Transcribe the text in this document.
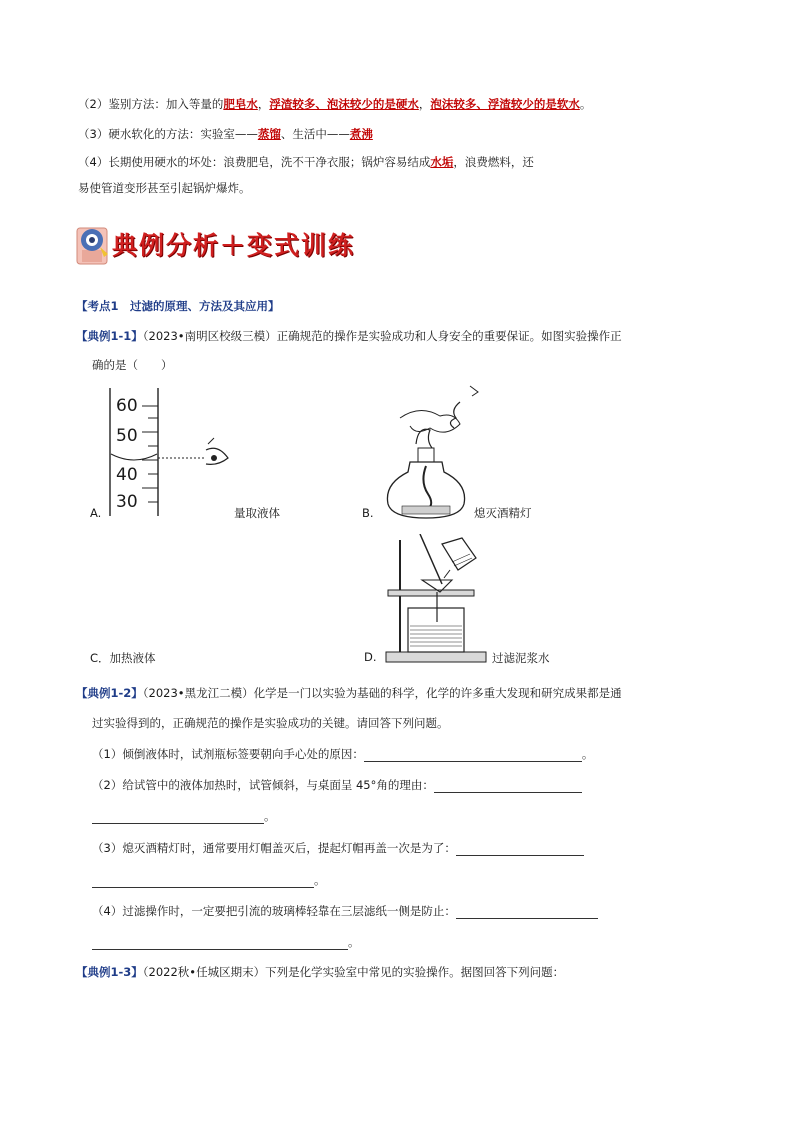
（2）鉴别方法：加入等量的肥皂水，浮渣较多、泡沫较少的是硬水，泡沫较多、浮渣较少的是软水。
（3）硬水软化的方法：实验室——蒸馏、生活中——煮沸
（4）长期使用硬水的坏处：浪费肥皂，洗不干净衣服；锅炉容易结成水垢，浪费燃料，还
易使管道变形甚至引起锅炉爆炸。
典例分析＋变式训练
【考点1　过滤的原理、方法及其应用】
【典例1-1】（2023•南明区校级三模）正确规范的操作是实验成功和人身安全的重要保证。如图实验操作正
确的是（　　）
60
50
40
30
A.	量取液体	B.	熄灭酒精灯
C．加热液体	D.	过滤泥浆水
【典例1-2】（2023•黑龙江二模）化学是一门以实验为基础的科学，化学的许多重大发现和研究成果都是通
过实验得到的，正确规范的操作是实验成功的关键。请回答下列问题。
（1）倾倒液体时，试剂瓶标签要朝向手心处的原因：	。
（2）给试管中的液体加热时，试管倾斜，与桌面呈 45°角的理由：
。
（3）熄灭酒精灯时，通常要用灯帽盖灭后，提起灯帽再盖一次是为了：
。
（4）过滤操作时，一定要把引流的玻璃棒轻靠在三层滤纸一侧是防止：
。
【典例1-3】（2022秋•任城区期末）下列是化学实验室中常见的实验操作。据图回答下列问题：
